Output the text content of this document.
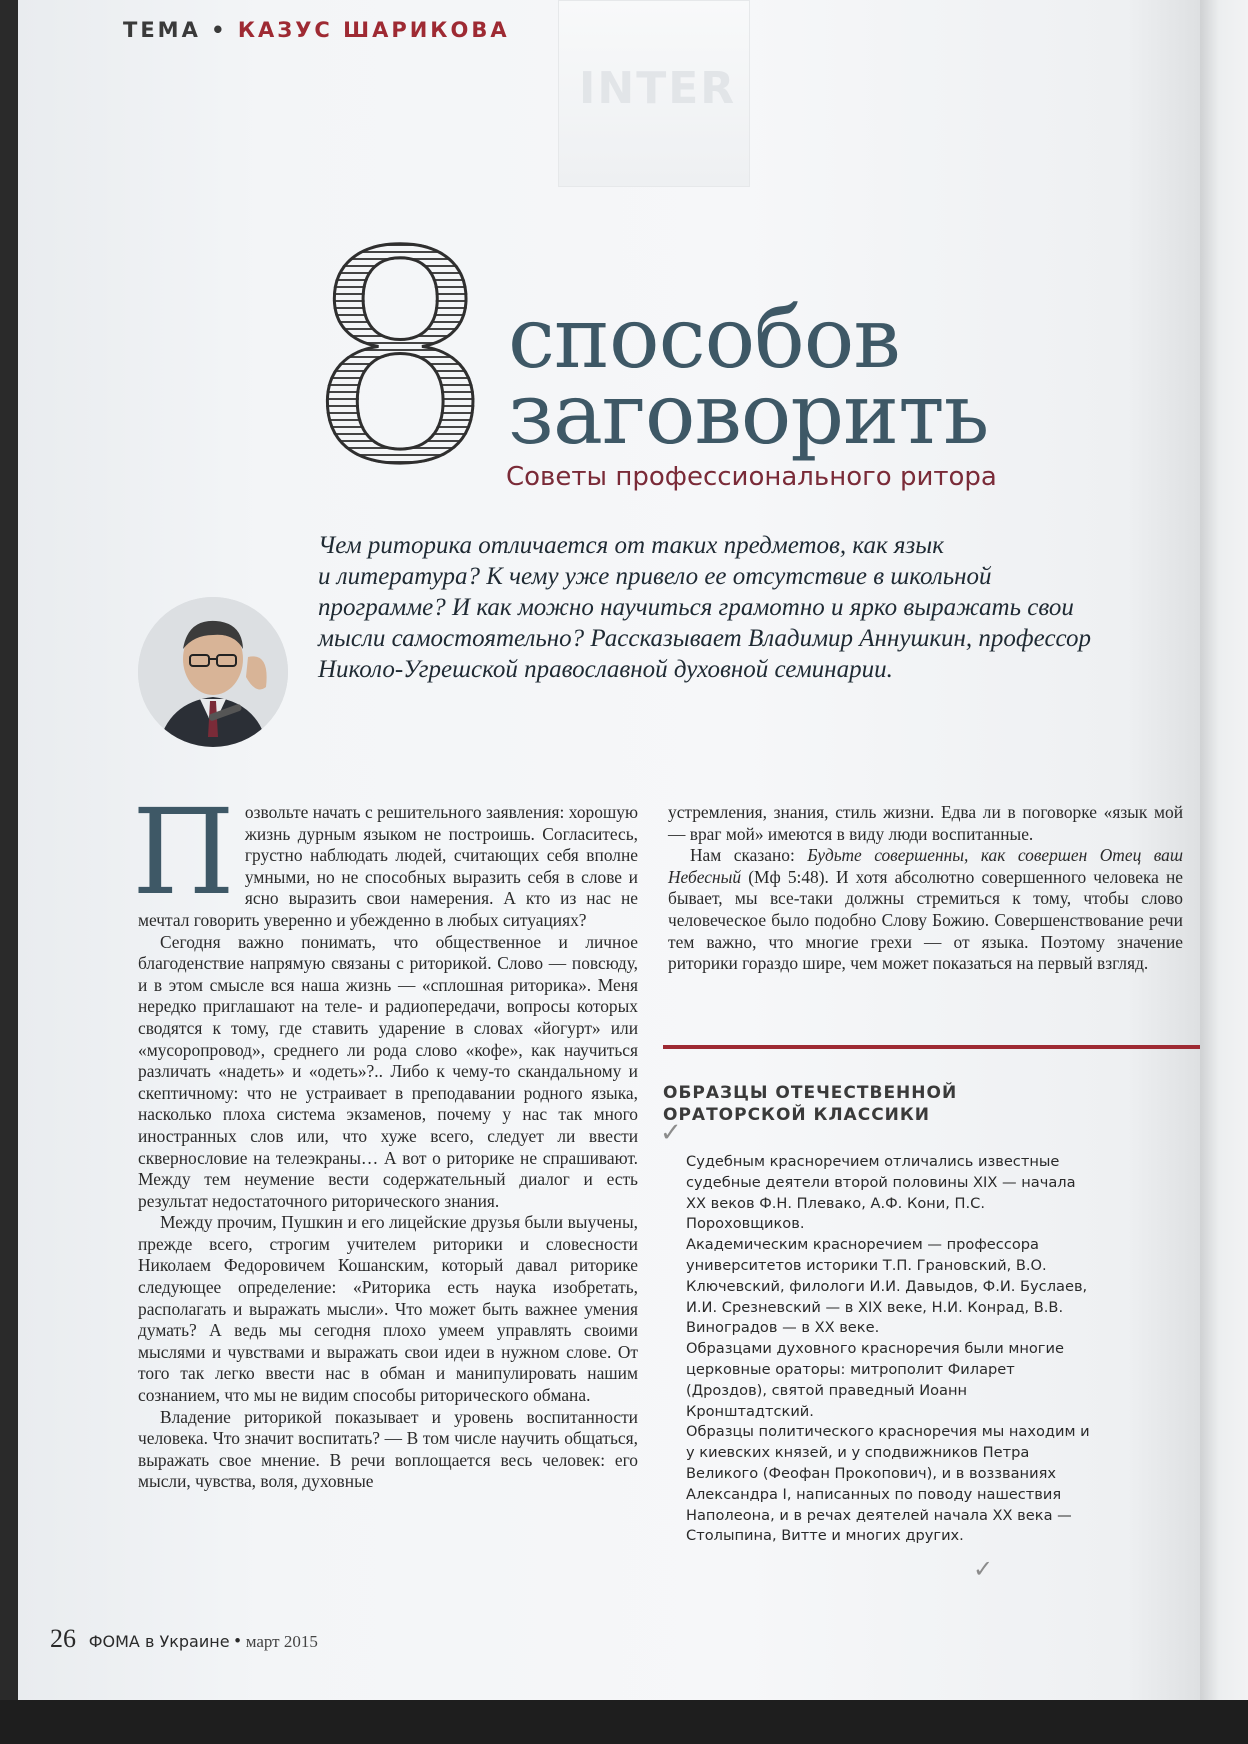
ТЕМА • КАЗУС ШАРИКОВА
INTER
8 способов
заговорить
Советы профессионального ритора
Чем риторика отличается от таких предметов, как язык
и литература? К чему уже привело ее отсутствие в школьной
программе? И как можно научиться грамотно и ярко выражать свои
мысли самостоятельно? Рассказывает Владимир Аннушкин, профессор
Николо-Угрешской православной духовной семинарии.

Позвольте начать с решительного заявления: хорошую жизнь дурным языком не построишь. Согласитесь, грустно наблюдать людей, считающих себя вполне умными, но не способных выразить себя в слове и ясно выразить свои намерения. А кто из нас не мечтал говорить уверенно и убежденно в любых ситуациях?

Сегодня важно понимать, что общественное и личное благоденствие напрямую связаны с риторикой. Слово — повсюду, и в этом смысле вся наша жизнь — «сплошная риторика». Меня нередко приглашают на теле- и радиопередачи, вопросы которых сводятся к тому, где ставить ударение в словах «йогурт» или «мусоропровод», среднего ли рода слово «кофе», как научиться различать «надеть» и «одеть»?.. Либо к чему-то скандальному и скептичному: что не устраивает в преподавании родного языка, насколько плоха система экзаменов, почему у нас так много иностранных слов или, что хуже всего, следует ли ввести сквернословие на телеэкраны… А вот о риторике не спрашивают. Между тем неумение вести содержательный диалог и есть результат недостаточного риторического знания.

Между прочим, Пушкин и его лицейские друзья были выучены, прежде всего, строгим учителем риторики и словесности Николаем Федоровичем Кошанским, который давал риторике следующее определение: «Риторика есть наука изобретать, располагать и выражать мысли». Что может быть важнее умения думать? А ведь мы сегодня плохо умеем управлять своими мыслями и чувствами и выражать свои идеи в нужном слове. От того так легко ввести нас в обман и манипулировать нашим сознанием, что мы не видим способы риторического обмана.

Владение риторикой показывает и уровень воспитанности человека. Что значит воспитать? — В том числе научить общаться, выражать свое мнение. В речи воплощается весь человек: его мысли, чувства, воля, духовные

устремления, знания, стиль жизни. Едва ли в поговорке «язык мой — враг мой» имеются в виду люди воспитанные.

Нам сказано: Будьте совершенны, как совершен Отец ваш Небесный (Мф 5:48). И хотя абсолютно совершенного человека не бывает, мы все-таки должны стремиться к тому, чтобы слово человеческое было подобно Слову Божию. Совершенствование речи тем важно, что многие грехи — от языка. Поэтому значение риторики гораздо шире, чем может показаться на первый взгляд.

ОБРАЗЦЫ ОТЕЧЕСТВЕННОЙ
ОРАТОРСКОЙ КЛАССИКИ
✓

Судебным красноречием отличались известные судебные деятели второй половины XIX — начала XX веков Ф.Н. Плевако, А.Ф. Кони, П.С. Пороховщиков.

Академическим красноречием — профессора университетов историки Т.П. Грановский, В.О. Ключевский, филологи И.И. Давыдов, Ф.И. Буслаев, И.И. Срезневский — в XIX веке, Н.И. Конрад, В.В. Виноградов — в XX веке.

Образцами духовного красноречия были многие церковные ораторы: митрополит Филарет (Дроздов), святой праведный Иоанн Кронштадтский.

Образцы политического красноречия мы находим и у киевских князей, и у сподвижников Петра Великого (Феофан Прокопович), и в воззваниях Александра I, написанных по поводу нашествия Наполеона, и в речах деятелей начала XX века — Столыпина, Витте и многих других.

✓
26 ФОМА в Украине • март 2015
